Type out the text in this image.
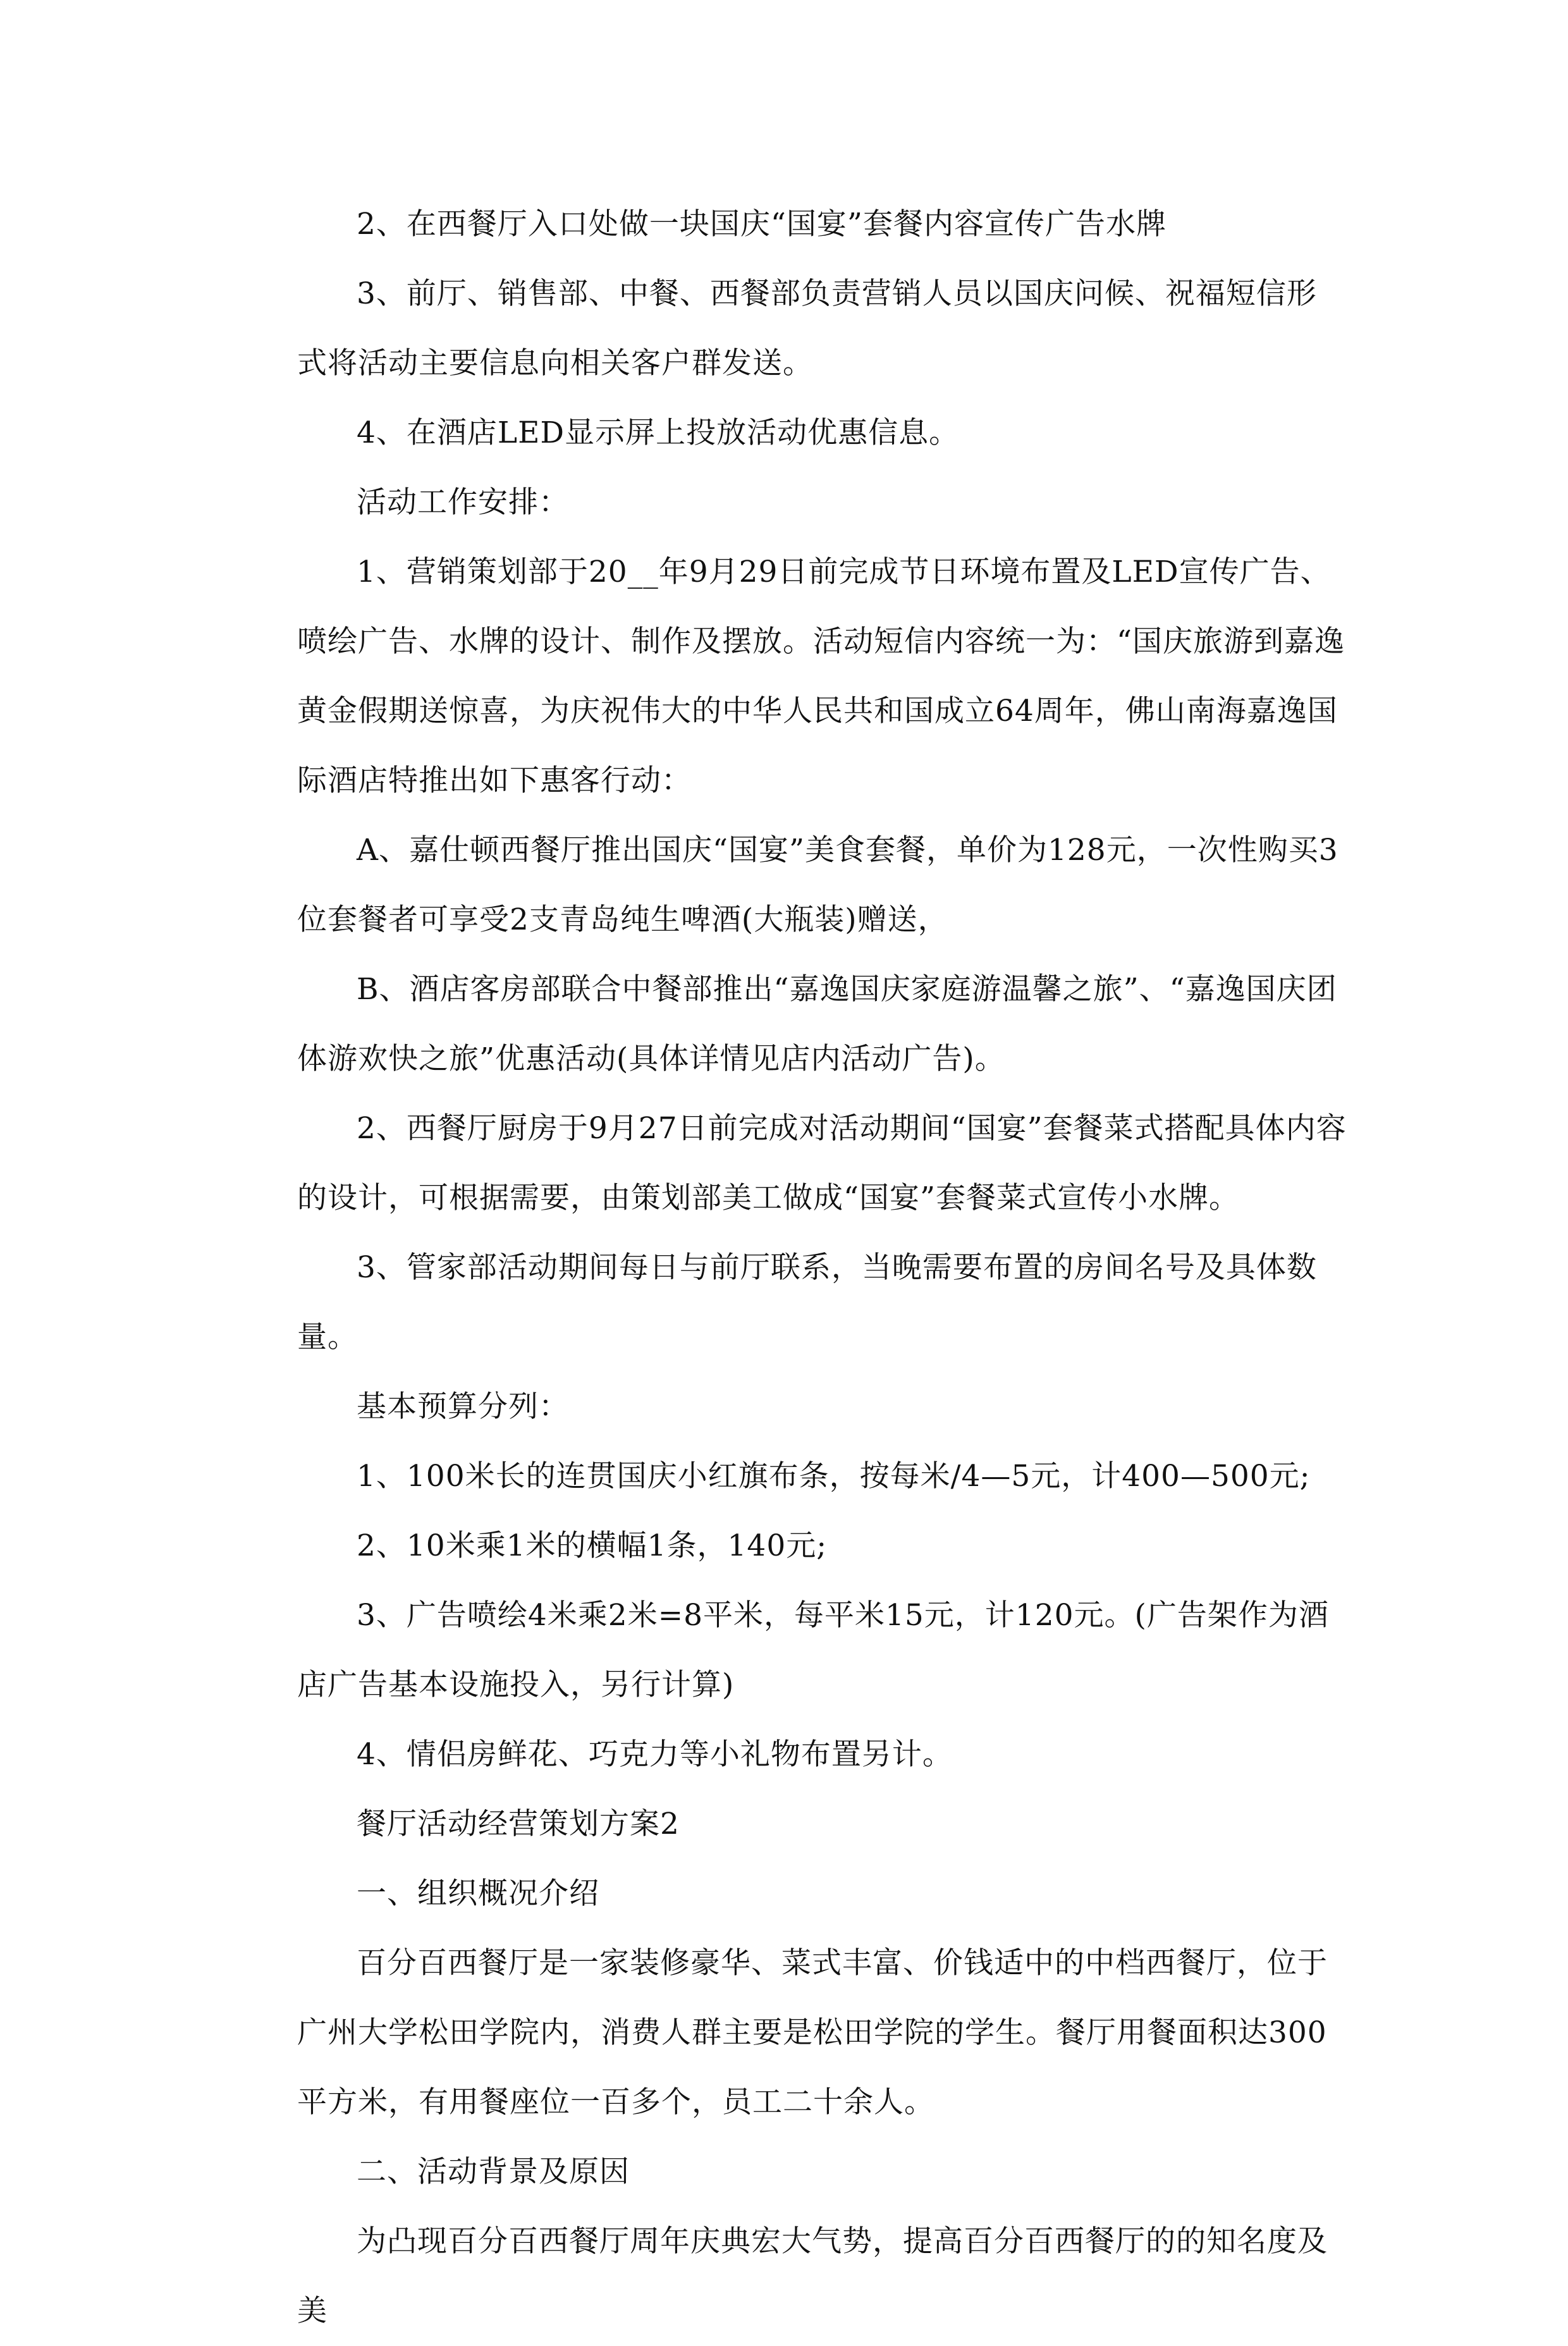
2、在西餐厅入口处做一块国庆“国宴”套餐内容宣传广告水牌

3、前厅、销售部、中餐、西餐部负责营销人员以国庆问候、祝福短信形式将活动主要信息向相关客户群发送。

4、在酒店LED显示屏上投放活动优惠信息。

活动工作安排：

1、营销策划部于20__年9月29日前完成节日环境布置及LED宣传广告、喷绘广告、水牌的设计、制作及摆放。活动短信内容统一为：“国庆旅游到嘉逸黄金假期送惊喜，为庆祝伟大的中华人民共和国成立64周年，佛山南海嘉逸国际酒店特推出如下惠客行动：

A、嘉仕顿西餐厅推出国庆“国宴”美食套餐，单价为128元，一次性购买3位套餐者可享受2支青岛纯生啤酒(大瓶装)赠送，

B、酒店客房部联合中餐部推出“嘉逸国庆家庭游温馨之旅”、“嘉逸国庆团体游欢快之旅”优惠活动(具体详情见店内活动广告)。

2、西餐厅厨房于9月27日前完成对活动期间“国宴”套餐菜式搭配具体内容的设计，可根据需要，由策划部美工做成“国宴”套餐菜式宣传小水牌。

3、管家部活动期间每日与前厅联系，当晚需要布置的房间名号及具体数量。

基本预算分列：

1、100米长的连贯国庆小红旗布条，按每米/4—5元，计400—500元;

2、10米乘1米的横幅1条，140元;

3、广告喷绘4米乘2米=8平米，每平米15元，计120元。(广告架作为酒店广告基本设施投入，另行计算)

4、情侣房鲜花、巧克力等小礼物布置另计。

餐厅活动经营策划方案2

一、组织概况介绍

百分百西餐厅是一家装修豪华、菜式丰富、价钱适中的中档西餐厅，位于广州大学松田学院内，消费人群主要是松田学院的学生。餐厅用餐面积达300平方米，有用餐座位一百多个，员工二十余人。

二、活动背景及原因

为凸现百分百西餐厅周年庆典宏大气势，提高百分百西餐厅的的知名度及美
